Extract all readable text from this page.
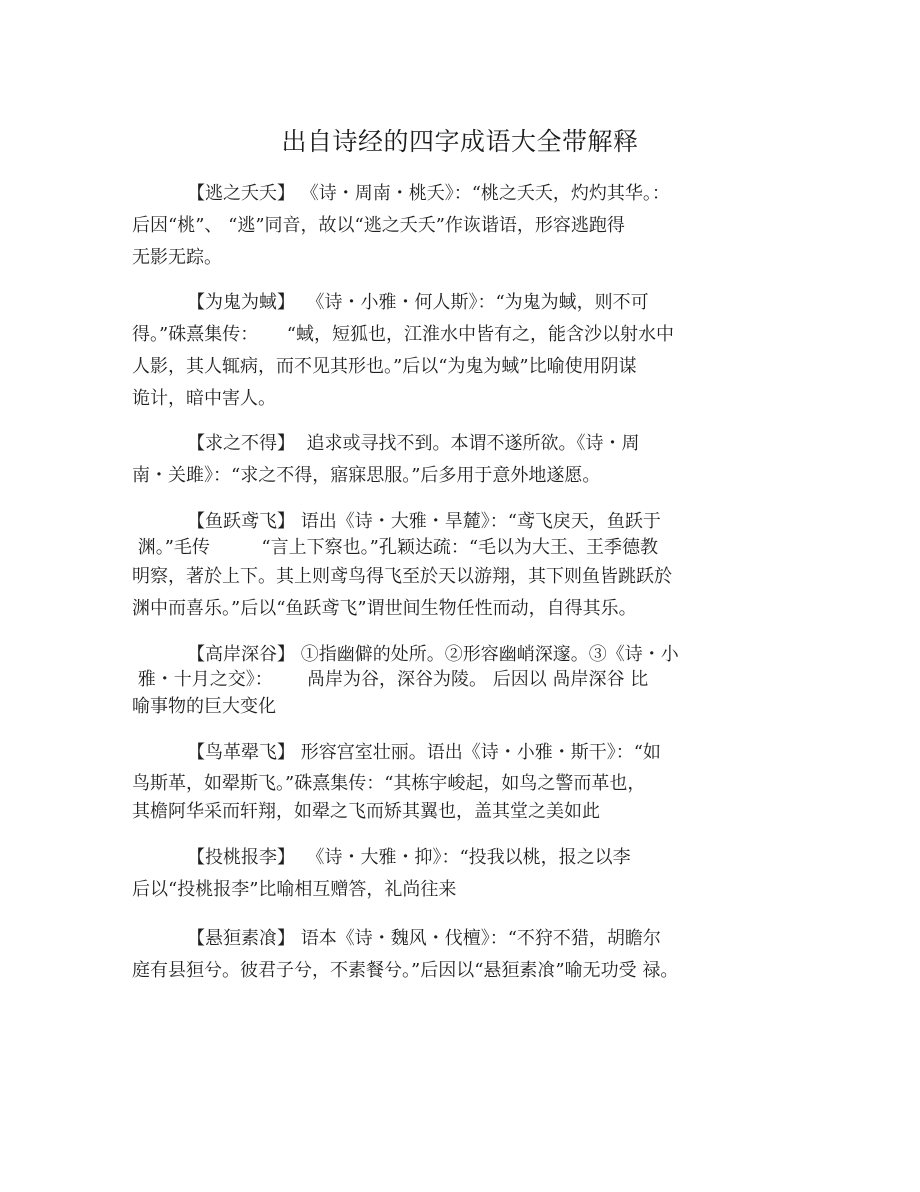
出自诗经的四字成语大全带解释
【逃之夭夭】 《诗・周南・桃夭》：“桃之夭夭，灼灼其华。：
后因“桃”、 “逃”同音，故以“逃之夭夭”作诙谐语，形容逃跑得
无影无踪。
【为鬼为蜮】  《诗・小雅・何人斯》：“为鬼为蜮，则不可
得。”硃熹集传：     “蜮，短狐也，江淮水中皆有之，能含沙以射水中
人影，其人辄病，而不见其形也。”后以“为鬼为蜮”比喻使用阴谋
诡计，暗中害人。
【求之不得】  追求或寻找不到。本谓不遂所欲。《诗・周
南・关雎》：“求之不得，寤寐思服。”后多用于意外地遂愿。
【鱼跃鸢飞】 语出《诗・大雅・旱麓》：“鸢飞戾天，鱼跃于
渊。”毛传         “言上下察也。”孔颖达疏：“毛以为大王、王季德教
明察，著於上下。其上则鸢鸟得飞至於天以游翔，其下则鱼皆跳跃於
渊中而喜乐。”后以“鱼跃鸢飞”谓世间生物任性而动，自得其乐。
【高岸深谷】 ①指幽僻的处所。②形容幽峭深邃。③《诗・小
雅・十月之交》：      咼岸为谷，深谷为陵。 后因以 咼岸深谷 比
喻事物的巨大变化
【鸟革翚飞】 形容宫室壮丽。语出《诗・小雅・斯干》：“如
鸟斯革，如翚斯飞。”硃熹集传：“其栋宇峻起，如鸟之警而革也，
其檐阿华采而轩翔，如翚之飞而矫其翼也，盖其堂之美如此
【投桃报李】  《诗・大雅・抑》：“投我以桃，报之以李
后以“投桃报李”比喻相互赠答，礼尚往来
【悬狟素飡】 语本《诗・魏风・伐檀》：“不狩不猎，胡瞻尔
庭有县狟兮。彼君子兮，不素餐兮。”后因以“悬狟素飡”喻无功受 禄。
